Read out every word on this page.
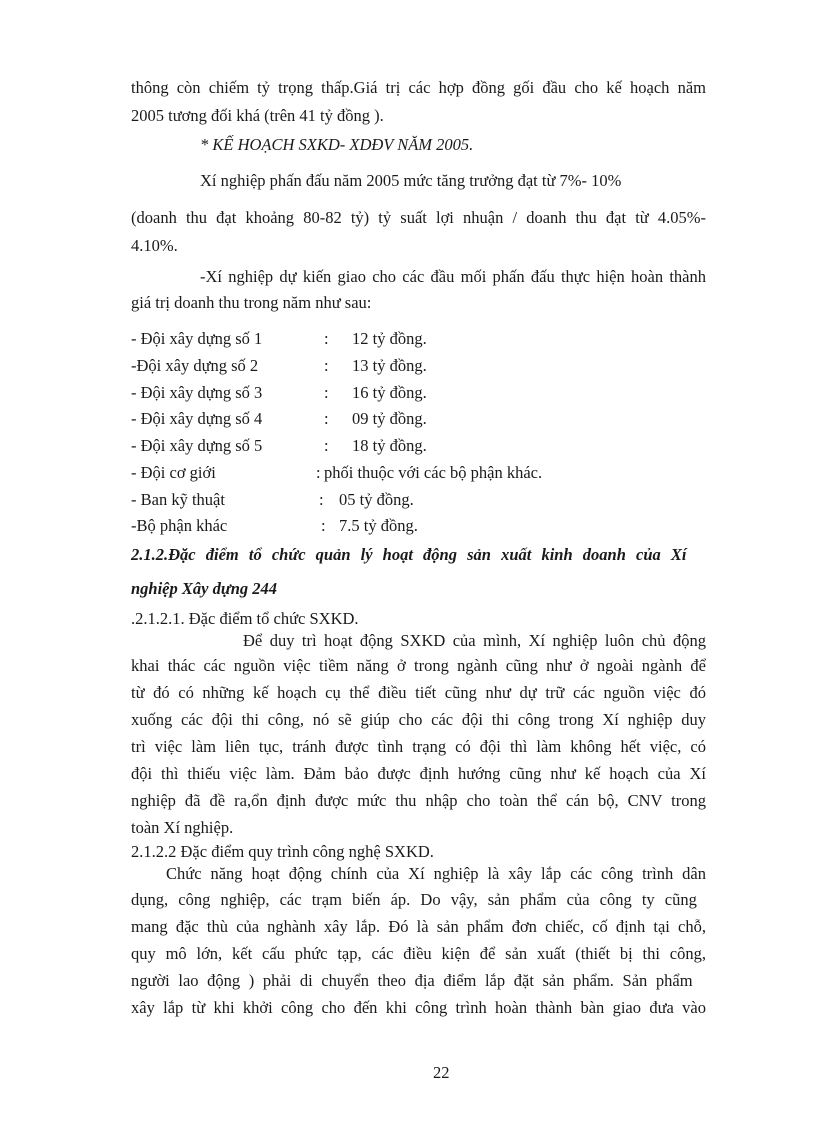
thông còn chiếm tỷ trọng thấp.Giá trị các hợp đồng gối đầu cho kế hoạch năm
2005 tương đối khá (trên 41 tỷ đồng ).
* KẾ HOẠCH SXKD- XDĐV NĂM 2005.
Xí nghiệp phấn đấu năm 2005 mức tăng trưởng đạt từ 7%- 10%
(doanh thu đạt khoảng 80-82 tỷ) tỷ suất lợi nhuận / doanh thu đạt từ 4.05%-
4.10%.
-Xí nghiệp dự kiến giao cho các đầu mối phấn đấu thực hiện hoàn thành
giá trị doanh thu trong năm như sau:
- Đội xây dựng số 1	: 12 tỷ đồng.
-Đội xây dựng số 2	: 13 tỷ đồng.
- Đội xây dựng số 3	: 16 tỷ đồng.
- Đội xây dựng số 4	: 09 tỷ đồng.
- Đội xây dựng số 5	: 18 tỷ đồng.
- Đội cơ giới	: phối thuộc với các bộ phận khác.
- Ban kỹ thuật	: 05 tỷ đồng.
-Bộ phận khác	: 7.5 tỷ đồng.
2.1.2.Đặc điểm tổ chức quản lý hoạt động sản xuất kinh doanh của Xí
nghiệp Xây dựng 244
.2.1.2.1. Đặc điểm tổ chức SXKD.
Để duy trì hoạt động SXKD của mình, Xí nghiệp luôn chủ động
khai thác các nguồn việc tiềm năng ở trong ngành cũng như ở ngoài ngành để
từ đó có những kế hoạch cụ thể điều tiết cũng như dự trữ các nguồn việc đó
xuống các đội thi công, nó sẽ giúp cho các đội thi công trong Xí nghiệp duy
trì việc làm liên tục, tránh được tình trạng có đội thì làm không hết việc, có
đội thì thiếu việc làm. Đảm bảo được định hướng cũng như kế hoạch của Xí
nghiệp đã đề ra,ổn định được mức thu nhập cho toàn thể cán bộ, CNV trong
toàn Xí nghiệp.
2.1.2.2 Đặc điểm quy trình công nghệ SXKD.
Chức năng hoạt động chính của Xí nghiệp là xây lắp các công trình dân
dụng, công nghiệp, các trạm biến áp. Do vậy, sản phẩm của công ty cũng
mang đặc thù của nghành xây lắp. Đó là sản phẩm đơn chiếc, cố định tại chỗ,
quy mô lớn, kết cấu phức tạp, các điều kiện để sản xuất (thiết bị thi công,
người lao động ) phải di chuyển theo địa điểm lắp đặt sản phẩm. Sản phẩm
xây lắp từ khi khởi công cho đến khi công trình hoàn thành bàn giao đưa vào
22
